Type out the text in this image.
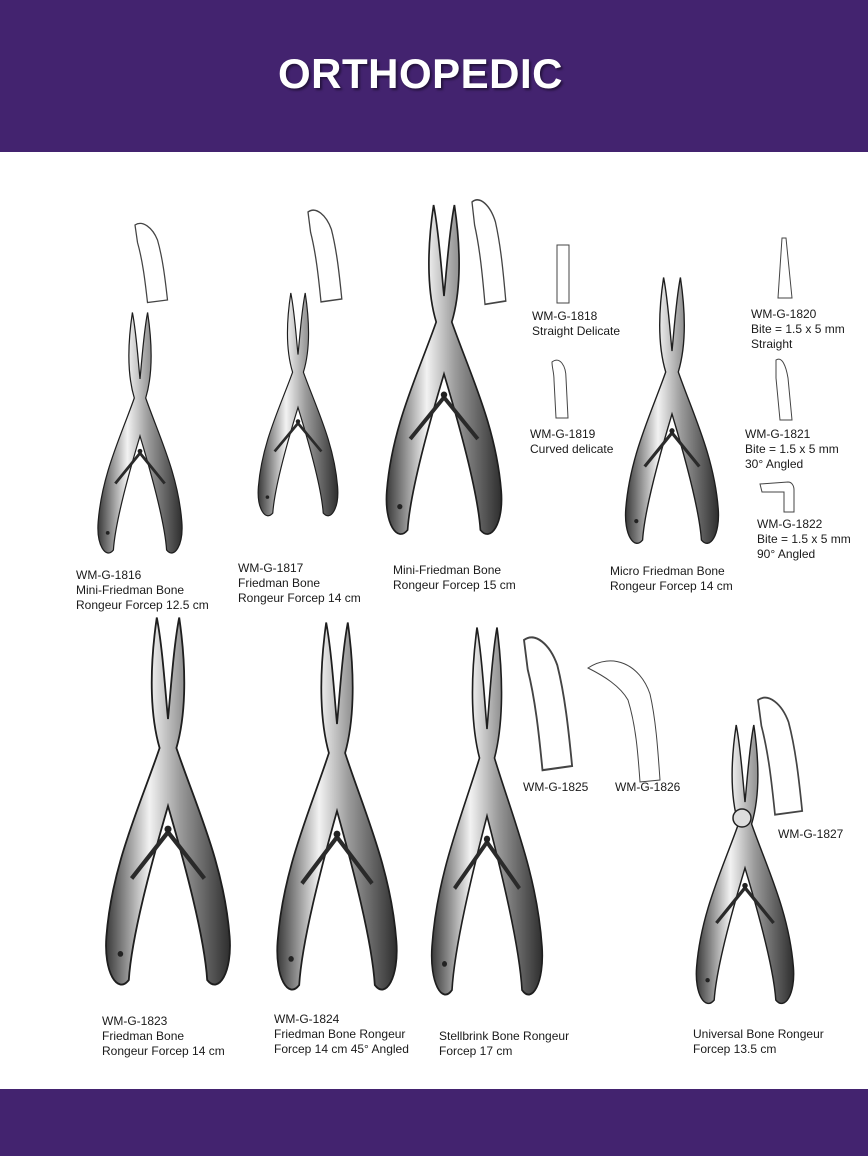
ORTHOPEDIC
WM-G-1816
Mini-Friedman Bone
Rongeur Forcep 12.5 cm
WM-G-1817
Friedman Bone
Rongeur Forcep 14 cm
Mini-Friedman Bone
Rongeur Forcep 15 cm
WM-G-1818
Straight Delicate
WM-G-1819
Curved delicate
Micro Friedman Bone
Rongeur Forcep 14 cm
WM-G-1820
Bite = 1.5 x 5 mm
Straight
WM-G-1821
Bite = 1.5 x 5 mm
30° Angled
WM-G-1822
Bite = 1.5 x 5 mm
90° Angled
WM-G-1823
Friedman Bone
Rongeur Forcep 14 cm
WM-G-1824
Friedman Bone Rongeur
Forcep 14 cm 45° Angled
Stellbrink Bone Rongeur
Forcep 17 cm
WM-G-1825 WM-G-1826
Universal Bone Rongeur
Forcep 13.5 cm
WM-G-1827
